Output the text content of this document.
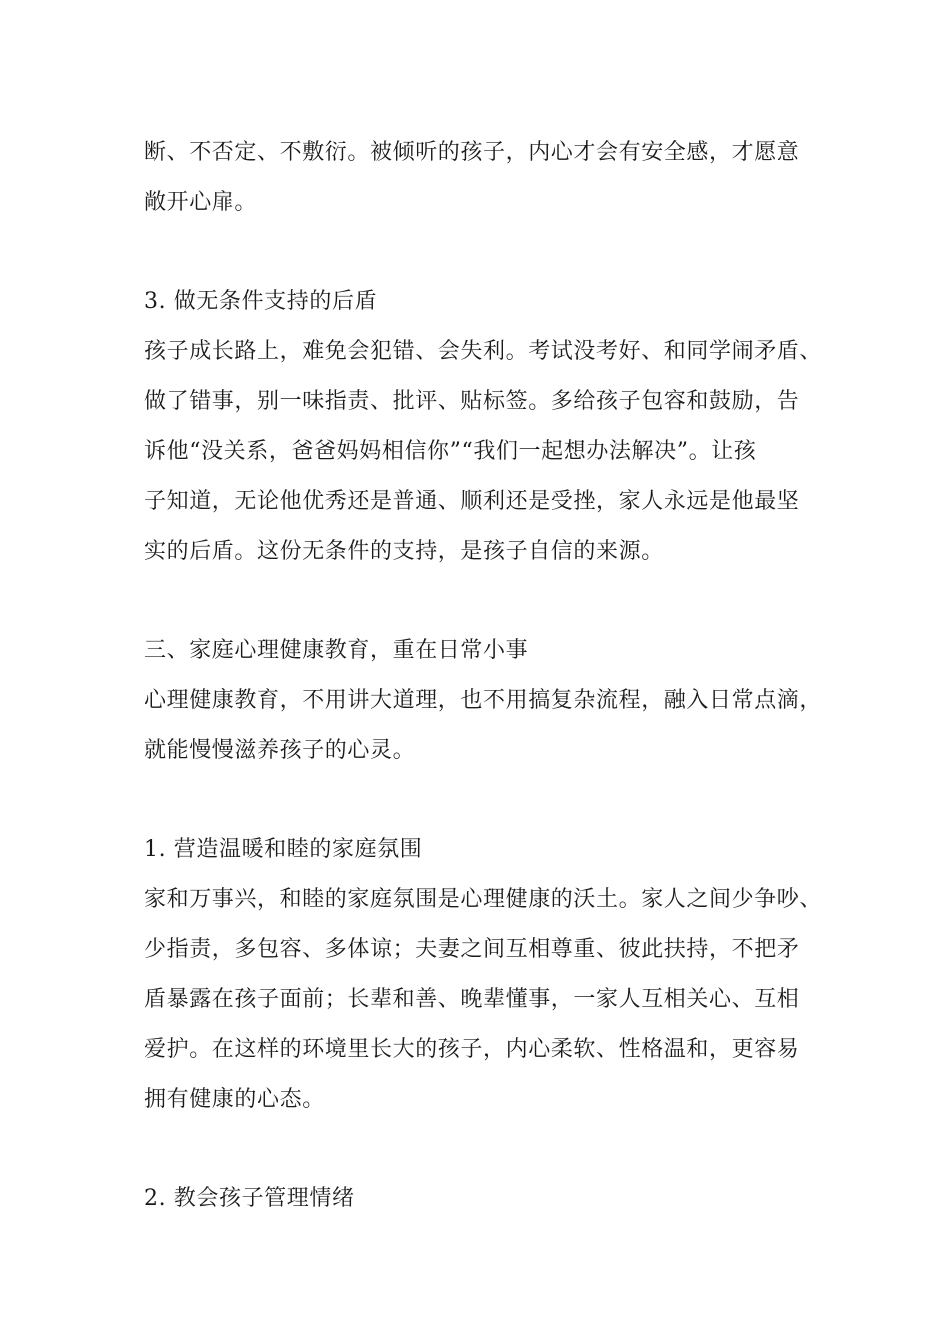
断、不否定、不敷衍。被倾听的孩子，内心才会有安全感，才愿意
敞开心扉。
3. 做无条件支持的后盾
孩子成长路上，难免会犯错、会失利。考试没考好、和同学闹矛盾、
做了错事，别一味指责、批评、贴标签。多给孩子包容和鼓励，告
诉他“没关系，爸爸妈妈相信你”“我们一起想办法解决”。让孩
子知道，无论他优秀还是普通、顺利还是受挫，家人永远是他最坚
实的后盾。这份无条件的支持，是孩子自信的来源。
三、家庭心理健康教育，重在日常小事
心理健康教育，不用讲大道理，也不用搞复杂流程，融入日常点滴，
就能慢慢滋养孩子的心灵。
1. 营造温暖和睦的家庭氛围
家和万事兴，和睦的家庭氛围是心理健康的沃土。家人之间少争吵、
少指责，多包容、多体谅；夫妻之间互相尊重、彼此扶持，不把矛
盾暴露在孩子面前；长辈和善、晚辈懂事，一家人互相关心、互相
爱护。在这样的环境里长大的孩子，内心柔软、性格温和，更容易
拥有健康的心态。
2. 教会孩子管理情绪
